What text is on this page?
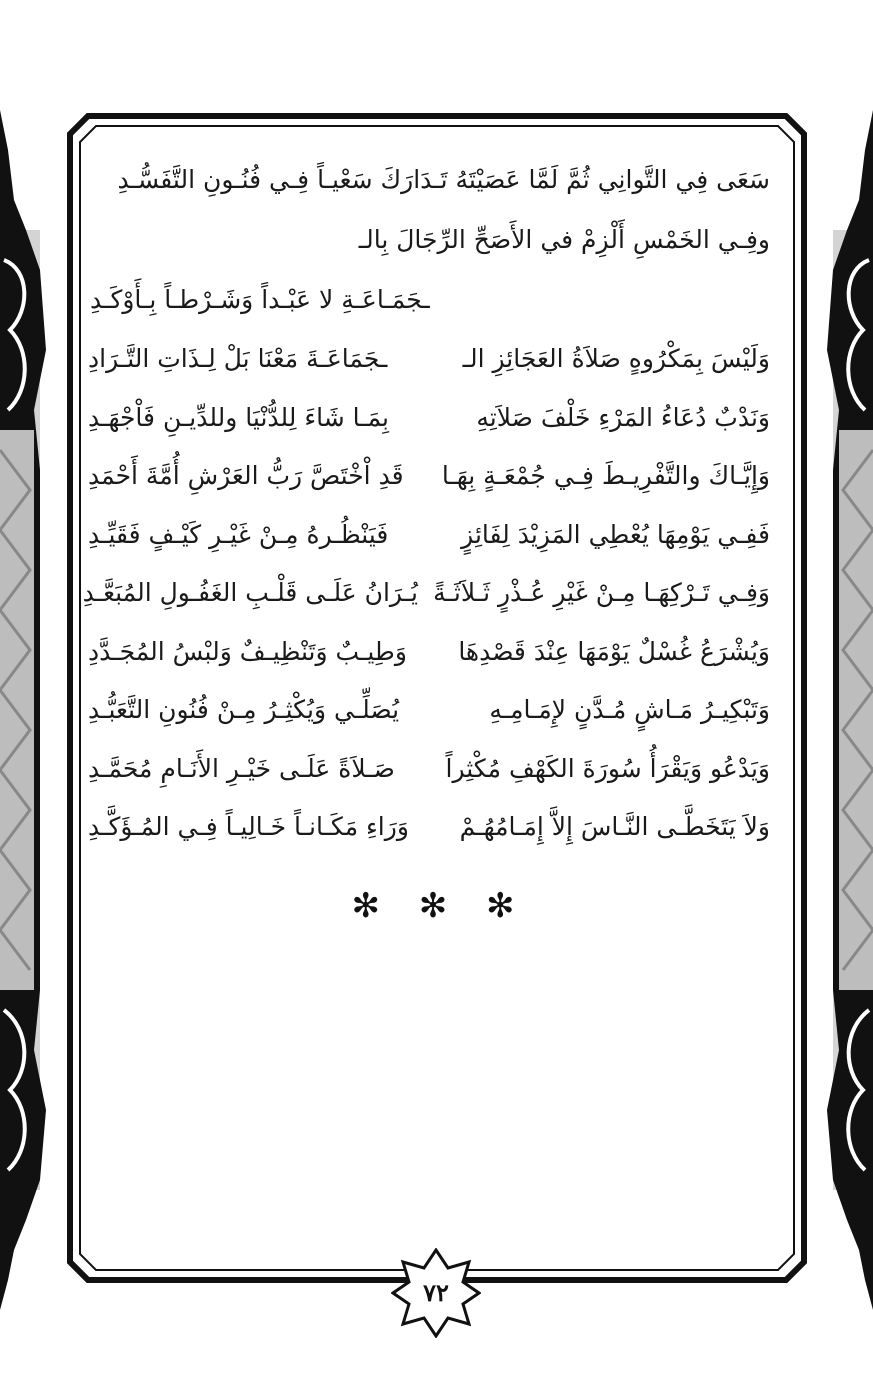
سَعَى فِي التَّوانِي ثُمَّ لَمَّا عَصَيْتَهُ تَـدَارَكَ سَعْيـاً فِـي فُنُـونِ التَّفَسُّـدِ
وفِـي الخَمْسِ أَلْزِمْ في الأَصَحِّ الرِّجَالَ بِالـ
ـجَمَـاعَـةِ لا عَبْـداً وَشَـرْطـاً بِـأَوْكَـدِ
وَلَيْسَ بِمَكْرُوهٍ صَلاَةُ العَجَائِزِ الـ
ـجَمَاعَـةَ مَعْنَا بَلْ لِـذَاتِ التَّـرَادِ
وَنَدْبٌ دُعَاءُ المَرْءِ خَلْفَ صَلاَتِهِ
بِمَـا شَاءَ لِلدُّنْيَا وللدِّيـنِ فَاْجْهَـدِ
وَإِيَّـاكَ والتَّفْرِيـطَ فِـي جُمْعَـةٍ بِهَـا
قَدِ اْخْتَصَّ رَبُّ العَرْشِ أُمَّةَ أَحْمَدِ
فَفِـي يَوْمِهَا يُعْطِي المَزِيْدَ لِفَائِزٍ
فَيَنْظُـرهُ مِـنْ غَيْـرِ كَيْـفٍ فَقَيِّـدِ
وَفِـي تَـرْكِهَـا مِـنْ غَيْرِ عُـذْرٍ ثَـلاَثَـةً
يُـرَانُ عَلَـى قَلْـبِ الغَفُـولِ المُبَعَّـدِ
وَيُشْرَعُ غُسْلٌ يَوْمَهَا عِنْدَ قَصْدِهَا
وَطِيـبٌ وَتَنْظِيـفٌ وَلبْسُ المُجَـدَّدِ
وَتَبْكِيـرُ مَـاشٍ مُـدَّنٍ لإِمَـامِـهِ
يُصَلِّـي وَيُكْثِـرُ مِـنْ فُنُونِ التَّعَبُّـدِ
وَيَدْعُو وَيَقْرَأُ سُورَةَ الكَهْفِ مُكْثِراً
صَـلاَةً عَلَـى خَيْـرِ الأَنَـامِ مُحَمَّـدِ
وَلاَ يَتَخَطَّـى النَّـاسَ إِلاَّ إِمَـامُهُـمْ
وَرَاءِ مَكَـانـاً خَـالِيـاً فِـي المُـؤَكَّـدِ
✻ ✻ ✻
٧٢
